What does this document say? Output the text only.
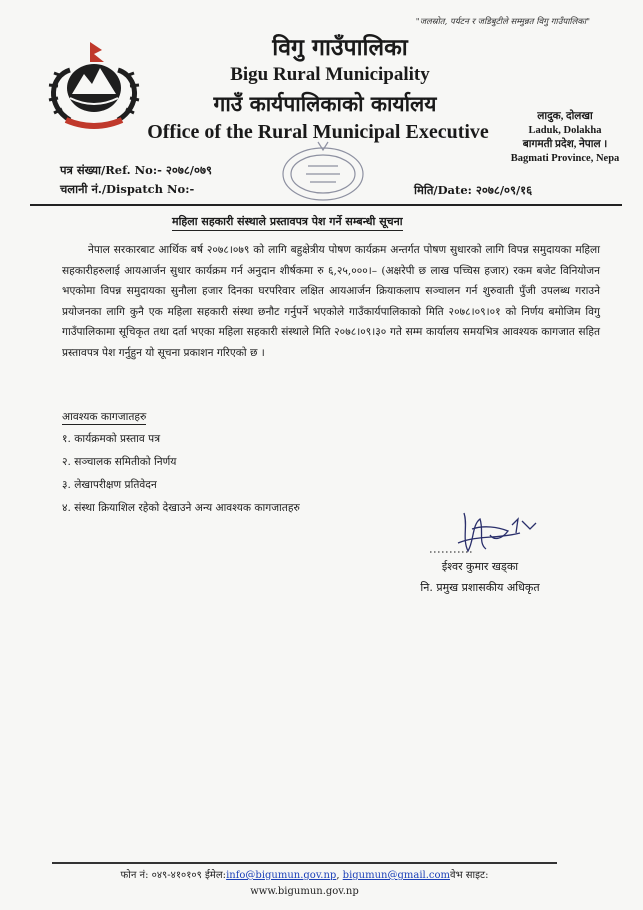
"जलस्रोत, पर्यटन र जडिबुटीले सम्मुन्नत विगु गाउँपालिका"
विगु गाउँपालिका
Bigu Rural Municipality
गाउँ कार्यपालिकाको कार्यालय
Office of the Rural Municipal Executive
लादुक, दोलखा
Laduk, Dolakha
बागमती प्रदेश, नेपाल ।
Bagmati Province, Nepa
पत्र संख्या/Ref. No:- २०७८/०७९
चलानी नं./Dispatch No:-	मिति/Date: २०७८/०९/१६
महिला सहकारी संस्थाले प्रस्तावपत्र पेश गर्ने सम्बन्धी सूचना
नेपाल सरकारबाट आर्थिक बर्ष २०७८।०७९ को लागि बहुक्षेत्रीय पोषण कार्यक्रम अन्तर्गत पोषण सुधारको लागि विपन्न समुदायका महिला सहकारीहरुलाई आयआर्जन सुधार कार्यक्रम गर्न अनुदान शीर्षकमा रु ६,२५,०००।– (अक्षरेपी छ लाख पच्चिस हजार) रकम बजेट विनियोजन भएकोमा विपन्न समुदायका सुनौला हजार दिनका घरपरिवार लक्षित आयआर्जन क्रियाकलाप सञ्चालन गर्न शुरुवाती पुँजी उपलब्ध गराउने प्रयोजनका लागि कुनै एक महिला सहकारी संस्था छनौट गर्नुपर्ने भएकोले गाउँकार्यपालिकाको मिति २०७८।०९।०१ को निर्णय बमोजिम विगु गाउँपालिकामा सूचिकृत तथा दर्ता भएका महिला सहकारी संस्थाले मिति २०७८।०९।३० गते सम्म कार्यालय समयभित्र आवश्यक कागजात सहित प्रस्तावपत्र पेश गर्नुहुन यो सूचना प्रकाशन गरिएको छ ।
आवश्यक कागजातहरु
१. कार्यक्रमको प्रस्ताव पत्र
२. सञ्चालक समितीको निर्णय
३. लेखापरीक्षण प्रतिवेदन
४. संस्था क्रियाशिल रहेको देखाउने अन्य आवश्यक कागजातहरु
ईश्वर कुमार खड्का
नि. प्रमुख प्रशासकीय अधिकृत
फोन नं: ०४९-४१०१०९ ईमेल:info@bigumun.gov.np, bigumun@gmail.comवेभ साइट:
www.bigumun.gov.np
